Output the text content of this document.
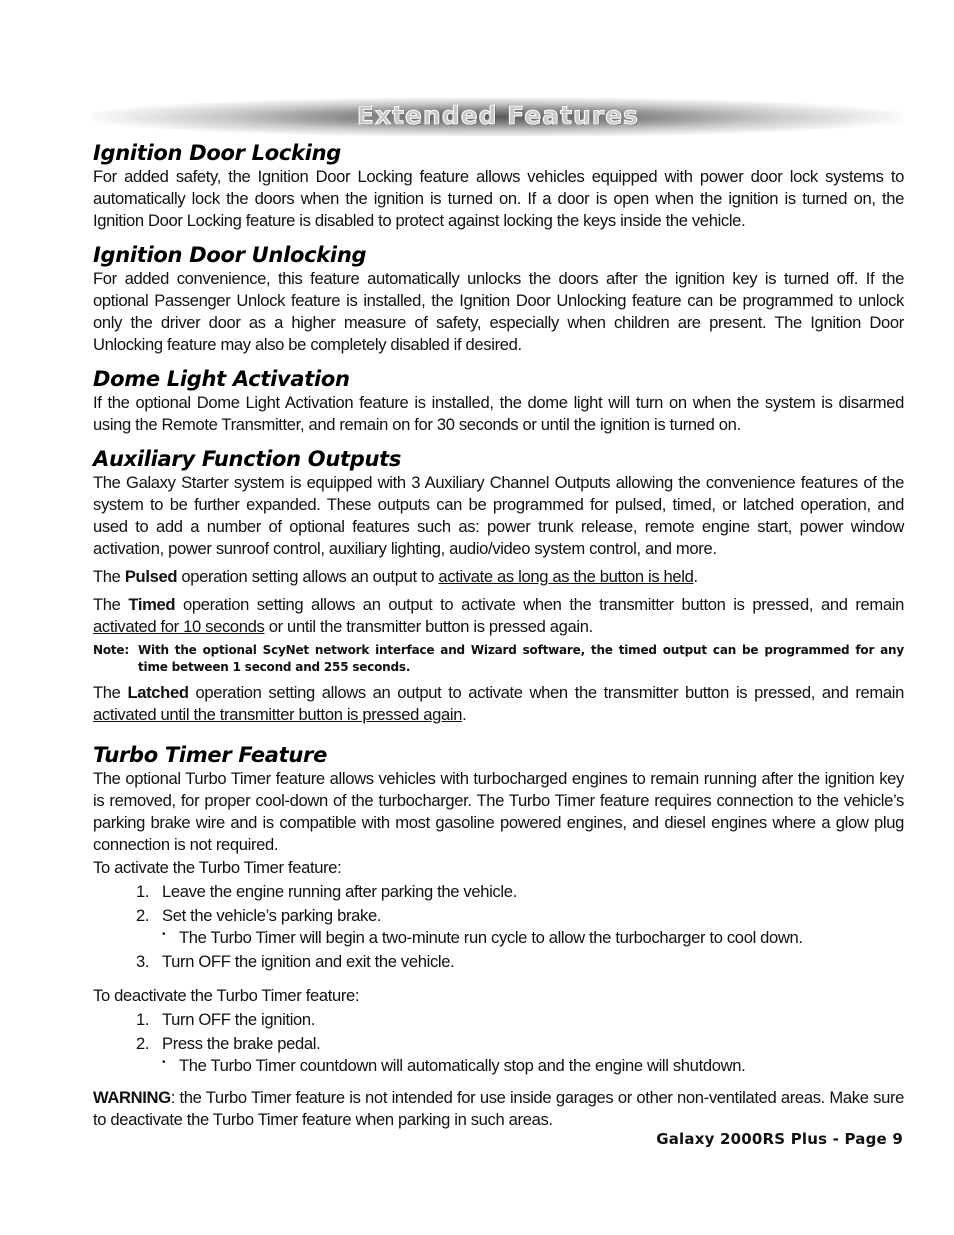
Extended Features
Ignition Door Locking

For added safety, the Ignition Door Locking feature allows vehicles equipped with power door lock systems to automatically lock the doors when the ignition is turned on. If a door is open when the ignition is turned on, the Ignition Door Locking feature is disabled to protect against locking the keys inside the vehicle.

Ignition Door Unlocking

For added convenience, this feature automatically unlocks the doors after the ignition key is turned off. If the optional Passenger Unlock feature is installed, the Ignition Door Unlocking feature can be programmed to unlock only the driver door as a higher measure of safety, especially when children are present. The Ignition Door Unlocking feature may also be completely disabled if desired.

Dome Light Activation

If the optional Dome Light Activation feature is installed, the dome light will turn on when the system is disarmed using the Remote Transmitter, and remain on for 30 seconds or until the ignition is turned on.

Auxiliary Function Outputs

The Galaxy Starter system is equipped with 3 Auxiliary Channel Outputs allowing the convenience features of the system to be further expanded. These outputs can be programmed for pulsed, timed, or latched operation, and used to add a number of optional features such as: power trunk release, remote engine start, power window activation, power sunroof control, auxiliary lighting, audio/video system control, and more.

The Pulsed operation setting allows an output to activate as long as the button is held.

The Timed operation setting allows an output to activate when the transmitter button is pressed, and remain activated for 10 seconds or until the transmitter button is pressed again.

Note: With the optional ScyNet network interface and Wizard software, the timed output can be programmed for any time between 1 second and 255 seconds.

The Latched operation setting allows an output to activate when the transmitter button is pressed, and remain activated until the transmitter button is pressed again.

Turbo Timer Feature

The optional Turbo Timer feature allows vehicles with turbocharged engines to remain running after the ignition key is removed, for proper cool-down of the turbocharger. The Turbo Timer feature requires connection to the vehicle’s parking brake wire and is compatible with most gasoline powered engines, and diesel engines where a glow plug connection is not required.

To activate the Turbo Timer feature:

1. Leave the engine running after parking the vehicle.
2. Set the vehicle’s parking brake.
• The Turbo Timer will begin a two-minute run cycle to allow the turbocharger to cool down.
3. Turn OFF the ignition and exit the vehicle.

To deactivate the Turbo Timer feature:

1. Turn OFF the ignition.
2. Press the brake pedal.
• The Turbo Timer countdown will automatically stop and the engine will shutdown.

WARNING: the Turbo Timer feature is not intended for use inside garages or other non-ventilated areas. Make sure to deactivate the Turbo Timer feature when parking in such areas.

Galaxy 2000RS Plus - Page 9
